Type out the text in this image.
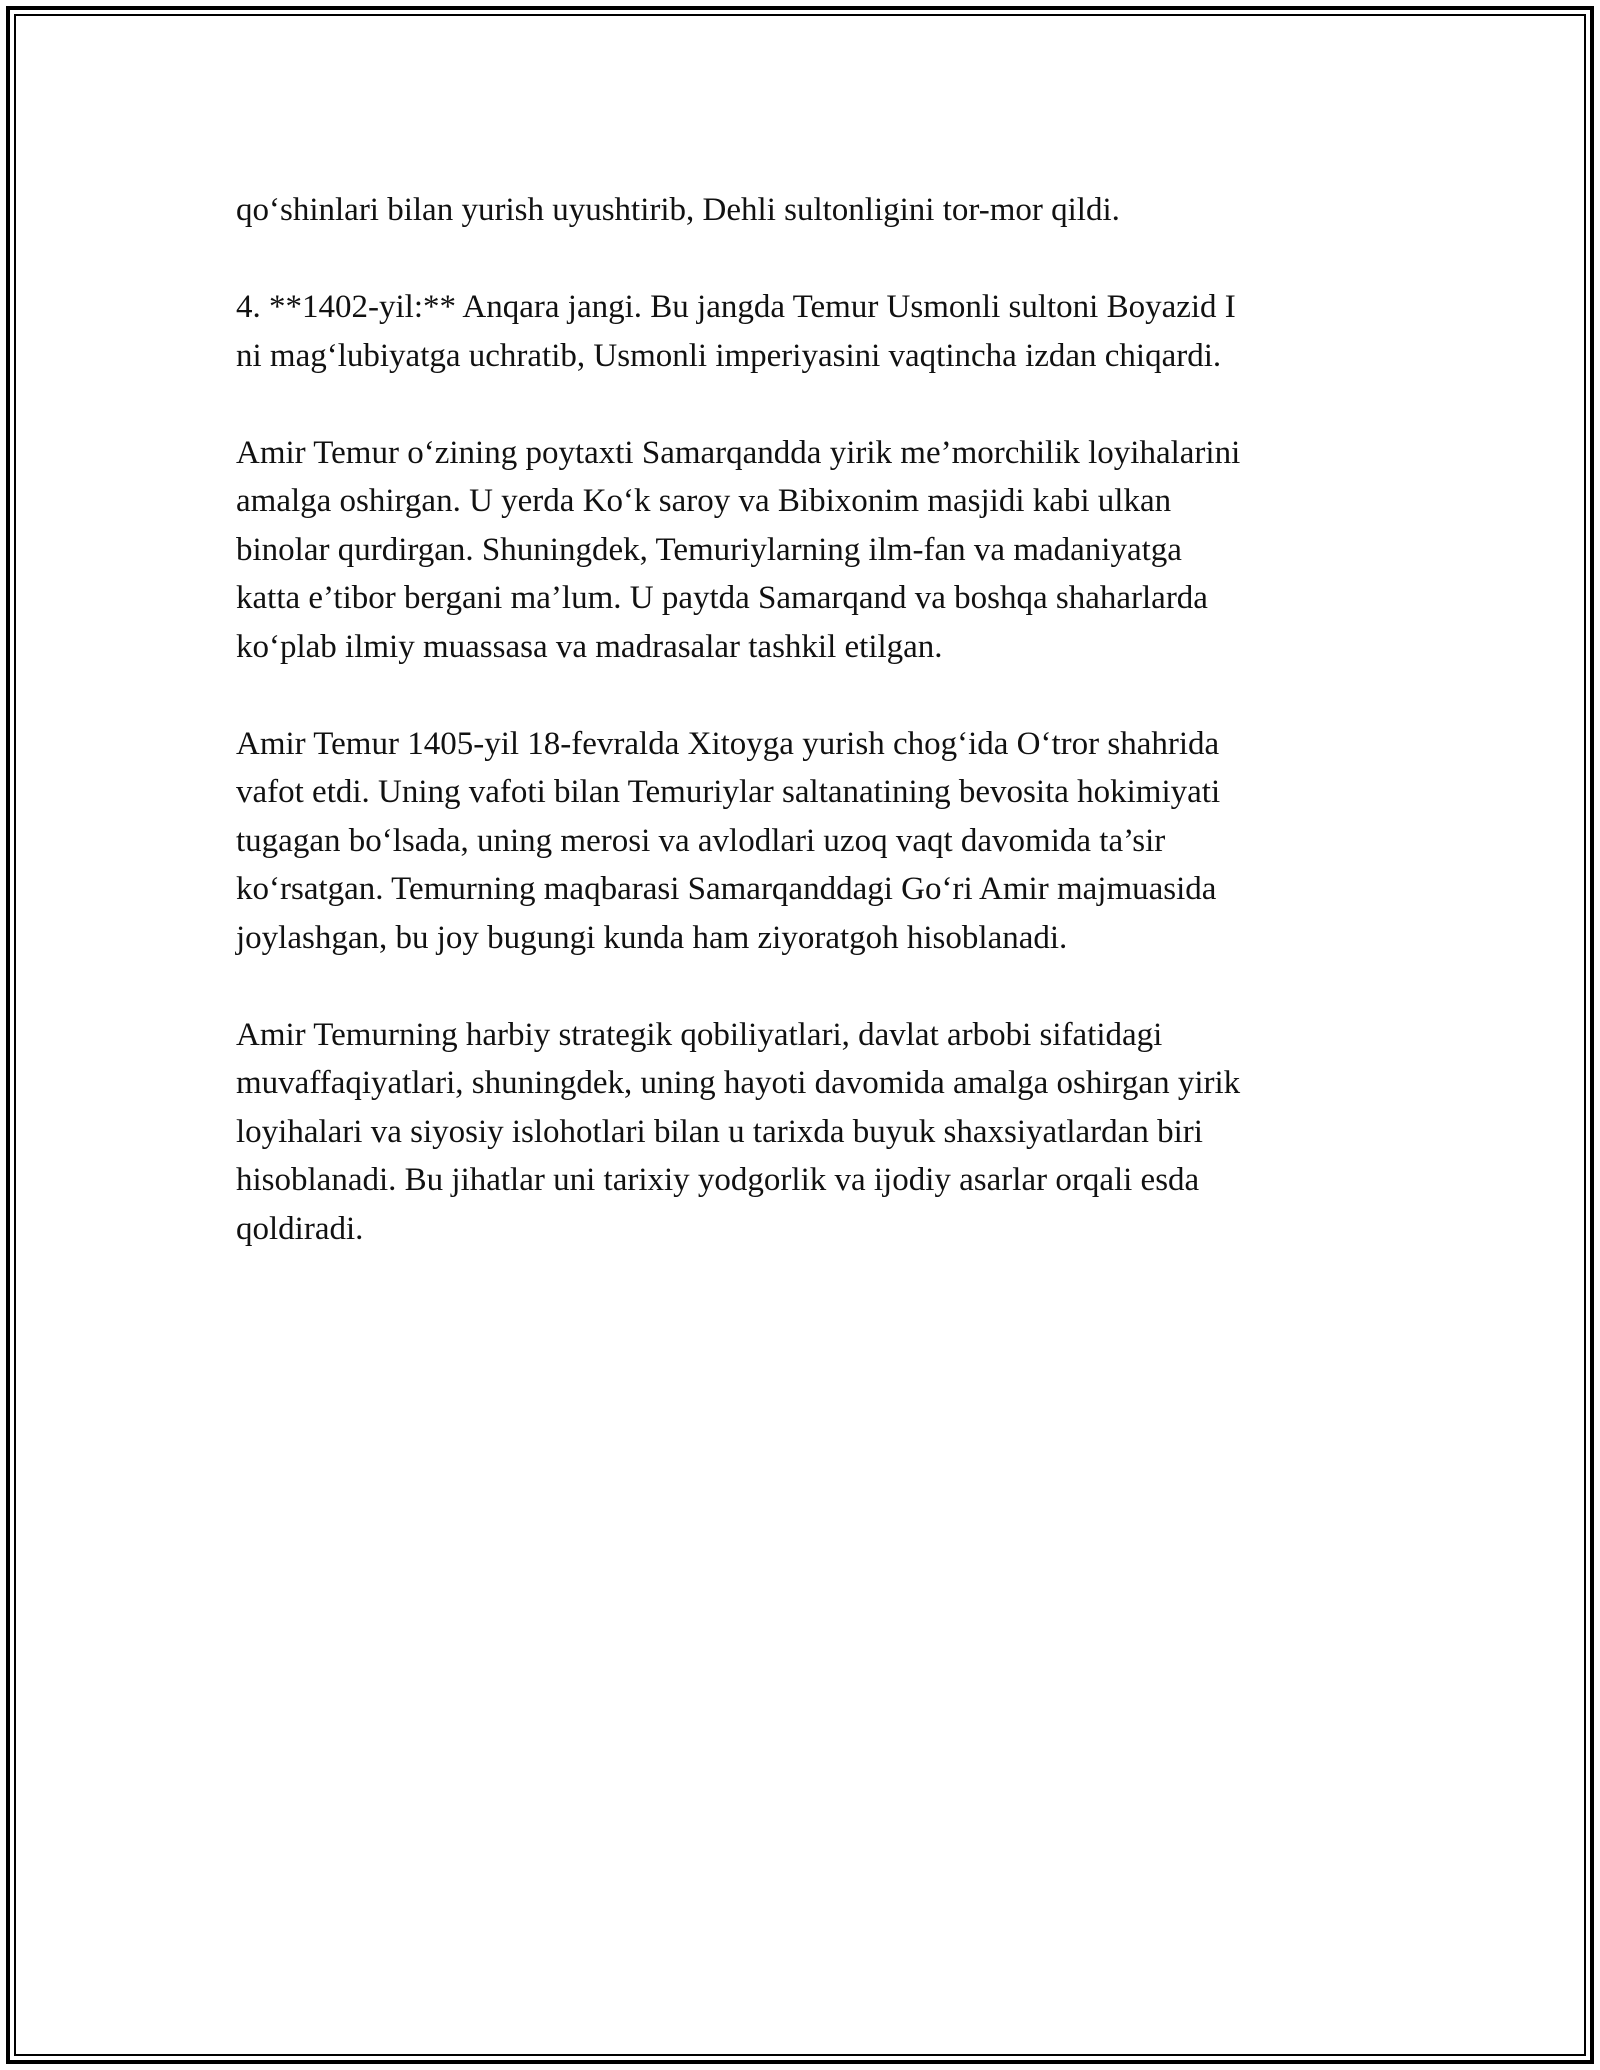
qo‘shinlari bilan yurish uyushtirib, Dehli sultonligini tor-mor qildi.

4. **1402-yil:** Anqara jangi. Bu jangda Temur Usmonli sultoni Boyazid I
ni mag‘lubiyatga uchratib, Usmonli imperiyasini vaqtincha izdan chiqardi.

Amir Temur o‘zining poytaxti Samarqandda yirik me’morchilik loyihalarini
amalga oshirgan. U yerda Ko‘k saroy va Bibixonim masjidi kabi ulkan
binolar qurdirgan. Shuningdek, Temuriylarning ilm-fan va madaniyatga
katta e’tibor bergani ma’lum. U paytda Samarqand va boshqa shaharlarda
ko‘plab ilmiy muassasa va madrasalar tashkil etilgan.

Amir Temur 1405-yil 18-fevralda Xitoyga yurish chog‘ida O‘tror shahrida
vafot etdi. Uning vafoti bilan Temuriylar saltanatining bevosita hokimiyati
tugagan bo‘lsada, uning merosi va avlodlari uzoq vaqt davomida ta’sir
ko‘rsatgan. Temurning maqbarasi Samarqanddagi Go‘ri Amir majmuasida
joylashgan, bu joy bugungi kunda ham ziyoratgoh hisoblanadi.

Amir Temurning harbiy strategik qobiliyatlari, davlat arbobi sifatidagi
muvaffaqiyatlari, shuningdek, uning hayoti davomida amalga oshirgan yirik
loyihalari va siyosiy islohotlari bilan u tarixda buyuk shaxsiyatlardan biri
hisoblanadi. Bu jihatlar uni tarixiy yodgorlik va ijodiy asarlar orqali esda
qoldiradi.
